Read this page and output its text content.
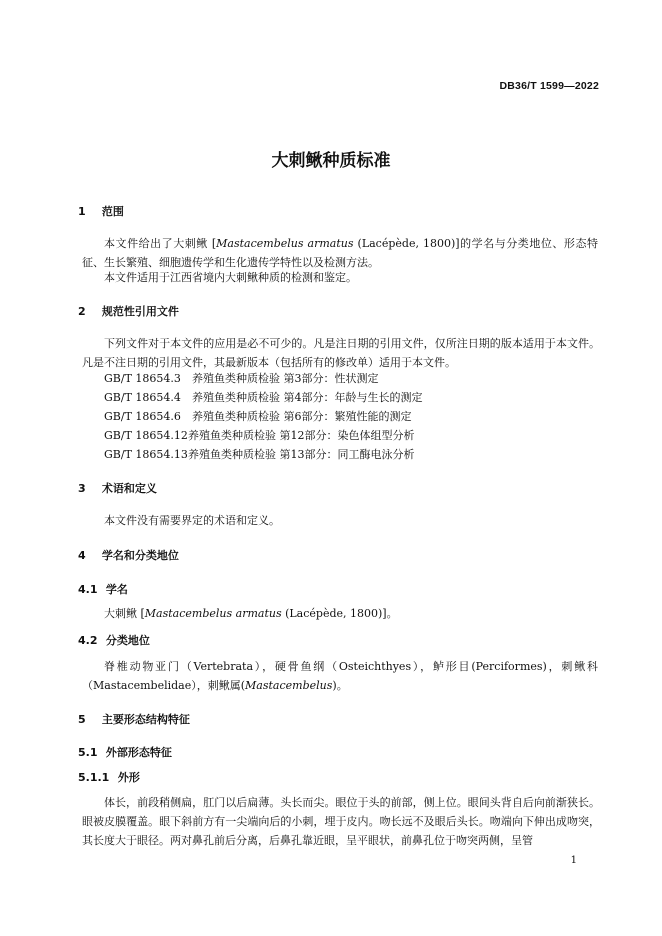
DB36/T 1599—2022
大刺鳅种质标准
1 范围
本文件给出了大刺鳅 [Mastacembelus armatus (Lacépède, 1800)]的学名与分类地位、形态特征、生长繁殖、细胞遗传学和生化遗传学特性以及检测方法。
本文件适用于江西省境内大刺鳅种质的检测和鉴定。
2 规范性引用文件
下列文件对于本文件的应用是必不可少的。凡是注日期的引用文件，仅所注日期的版本适用于本文件。凡是不注日期的引用文件，其最新版本（包括所有的修改单）适用于本文件。
GB/T 18654.3 养殖鱼类种质检验 第3部分：性状测定
GB/T 18654.4 养殖鱼类种质检验 第4部分：年龄与生长的测定
GB/T 18654.6 养殖鱼类种质检验 第6部分：繁殖性能的测定
GB/T 18654.12养殖鱼类种质检验 第12部分：染色体组型分析
GB/T 18654.13养殖鱼类种质检验 第13部分：同工酶电泳分析
3 术语和定义
本文件没有需要界定的术语和定义。
4 学名和分类地位
4.1 学名
大刺鳅 [Mastacembelus armatus (Lacépède, 1800)]。
4.2 分类地位
脊椎动物亚门（Vertebrata），硬骨鱼纲（Osteichthyes），鲈形目(Perciformes)，刺鳅科（Mastacembelidae），刺鳅属(Mastacembelus)。
5 主要形态结构特征
5.1 外部形态特征
5.1.1 外形
体长，前段稍侧扁，肛门以后扁薄。头长而尖。眼位于头的前部，侧上位。眼间头背自后向前渐狭长。眼被皮膜覆盖。眼下斜前方有一尖端向后的小刺，埋于皮内。吻长远不及眼后头长。吻端向下伸出成吻突，其长度大于眼径。两对鼻孔前后分离，后鼻孔靠近眼，呈平眼状，前鼻孔位于吻突两侧，呈管
1
